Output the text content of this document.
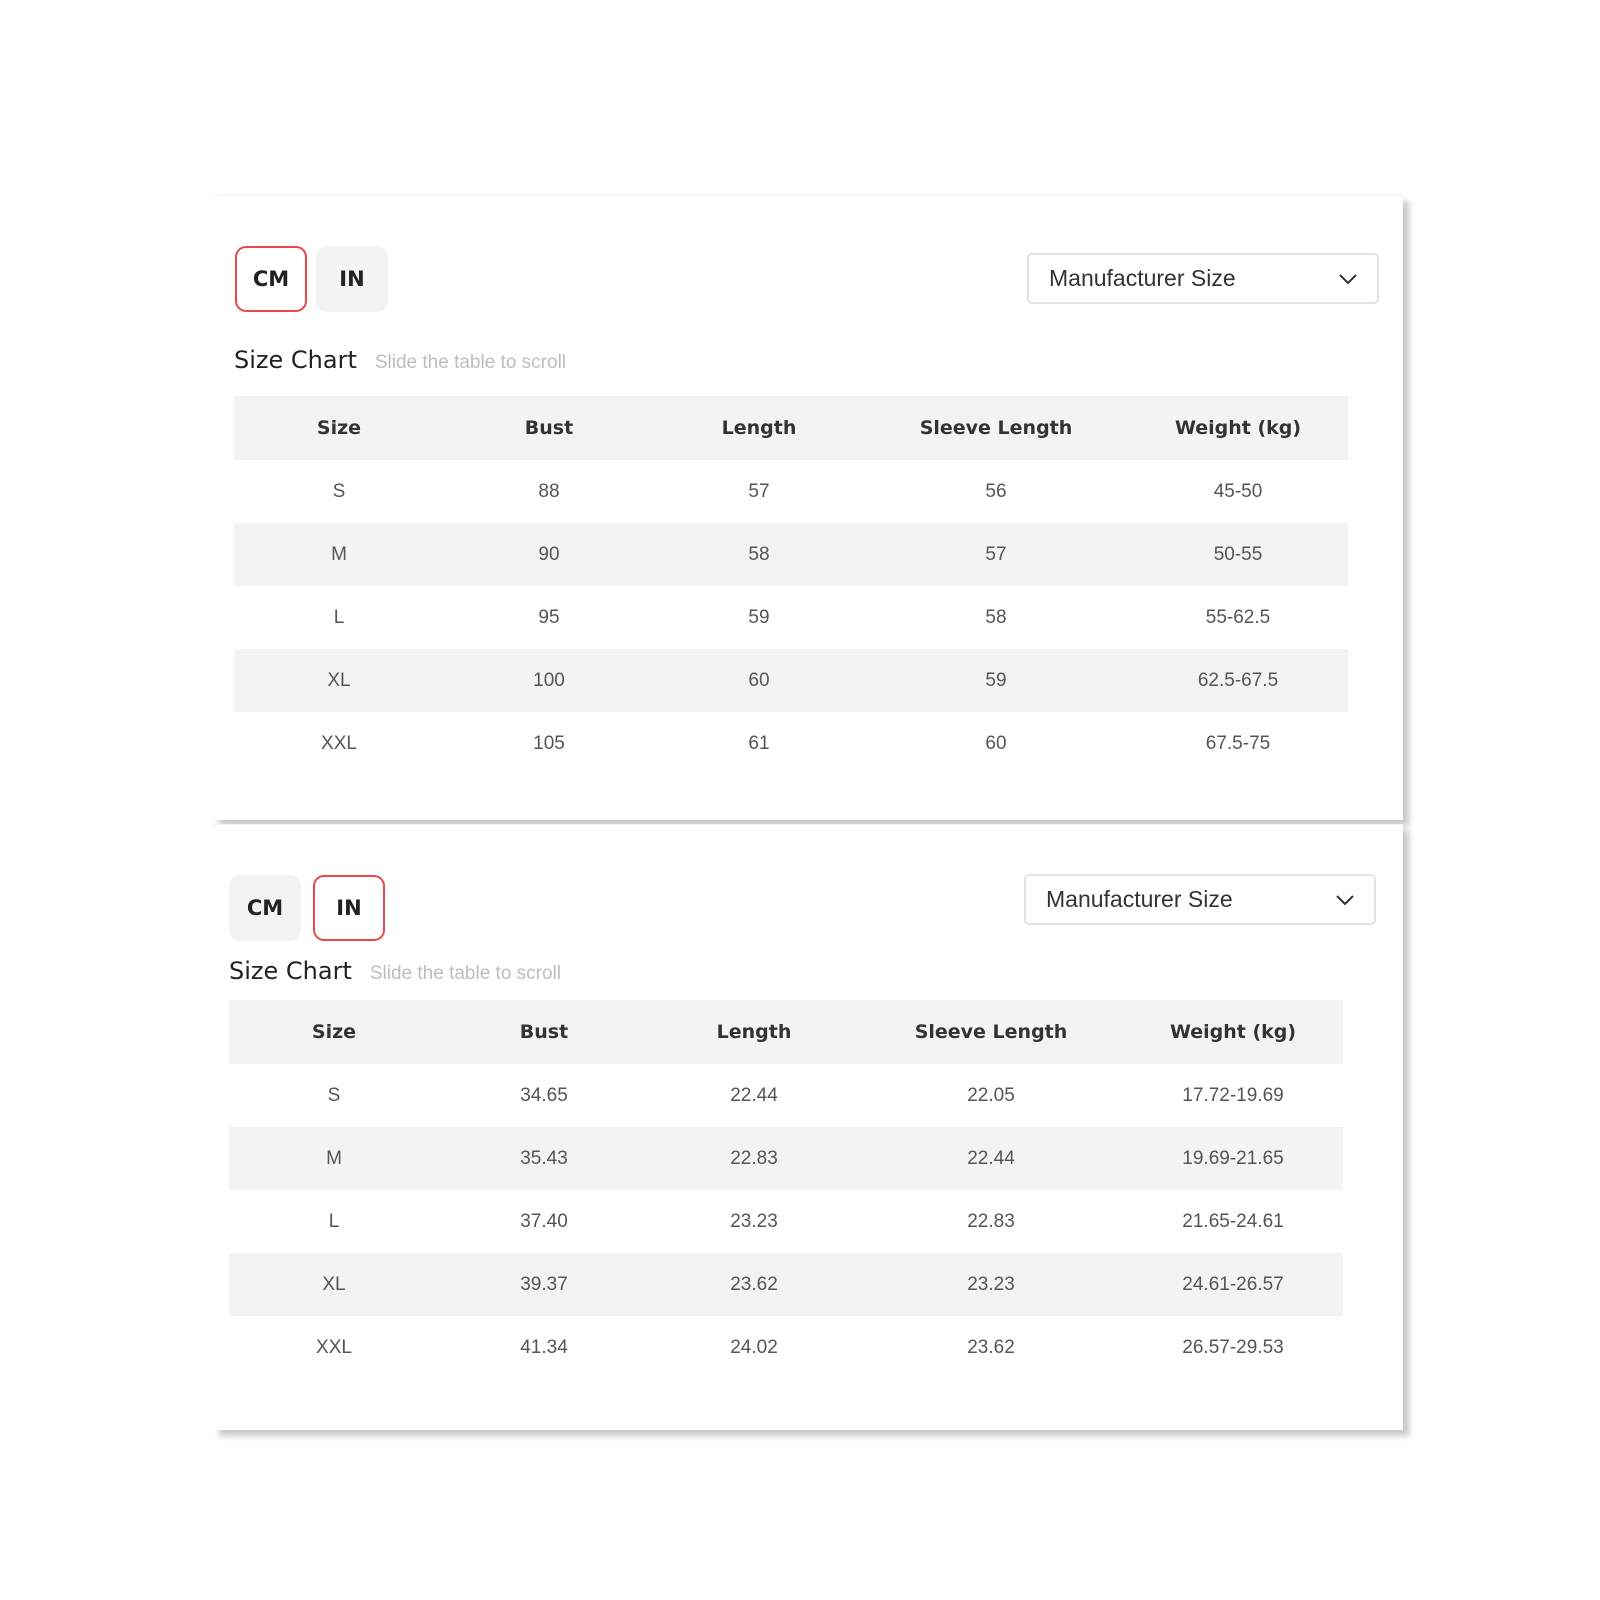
CM	IN	Manufacturer Size
Size Chart Slide the table to scroll
Size	Bust	Length	Sleeve Length	Weight (kg)
S	88	57	56	45-50
M	90	58	57	50-55
L	95	59	58	55-62.5
XL	100	60	59	62.5-67.5
XXL	105	61	60	67.5-75
CM	IN	Manufacturer Size
Size Chart Slide the table to scroll
Size	Bust	Length	Sleeve Length	Weight (kg)
S	34.65	22.44	22.05	17.72-19.69
M	35.43	22.83	22.44	19.69-21.65
L	37.40	23.23	22.83	21.65-24.61
XL	39.37	23.62	23.23	24.61-26.57
XXL	41.34	24.02	23.62	26.57-29.53
